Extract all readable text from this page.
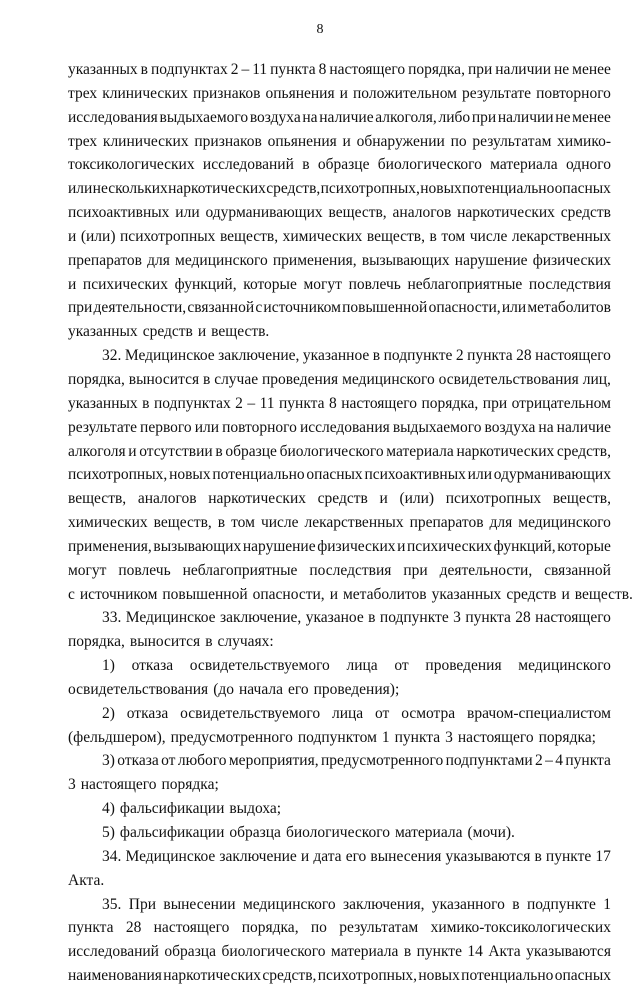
8
указанных в подпунктах 2 – 11 пункта 8 настоящего порядка, при наличии не менее
трех клинических признаков опьянения и положительном результате повторного
исследования выдыхаемого воздуха на наличие алкоголя, либо при наличии не менее
трех клинических признаков опьянения и обнаружении по результатам химико-
токсикологических исследований в образце биологического материала одного
или нескольких наркотических средств, психотропных, новых потенциально опасных
психоактивных или одурманивающих веществ, аналогов наркотических средств
и (или) психотропных веществ, химических веществ, в том числе лекарственных
препаратов для медицинского применения, вызывающих нарушение физических
и психических функций, которые могут повлечь неблагоприятные последствия
при деятельности, связанной с источником повышенной опасности, или метаболитов
указанных средств и веществ.
32. Медицинское заключение, указанное в подпункте 2 пункта 28 настоящего
порядка, выносится в случае проведения медицинского освидетельствования лиц,
указанных в подпунктах 2 – 11 пункта 8 настоящего порядка, при отрицательном
результате первого или повторного исследования выдыхаемого воздуха на наличие
алкоголя и отсутствии в образце биологического материала наркотических средств,
психотропных, новых потенциально опасных психоактивных или одурманивающих
веществ, аналогов наркотических средств и (или) психотропных веществ,
химических веществ, в том числе лекарственных препаратов для медицинского
применения, вызывающих нарушение физических и психических функций, которые
могут повлечь неблагоприятные последствия при деятельности, связанной
с источником повышенной опасности, и метаболитов указанных средств и веществ.
33. Медицинское заключение, указаное в подпункте 3 пункта 28 настоящего
порядка, выносится в случаях:
1) отказа освидетельствуемого лица от проведения медицинского
освидетельствования (до начала его проведения);
2) отказа освидетельствуемого лица от осмотра врачом-специалистом
(фельдшером), предусмотренного подпунктом 1 пункта 3 настоящего порядка;
3) отказа от любого мероприятия, предусмотренного подпунктами 2 – 4 пункта
3 настоящего порядка;
4) фальсификации выдоха;
5) фальсификации образца биологического материала (мочи).
34. Медицинское заключение и дата его вынесения указываются в пункте 17
Акта.
35. При вынесении медицинского заключения, указанного в подпункте 1
пункта 28 настоящего порядка, по результатам химико-токсикологических
исследований образца биологического материала в пункте 14 Акта указываются
наименования наркотических средств, психотропных, новых потенциально опасных
